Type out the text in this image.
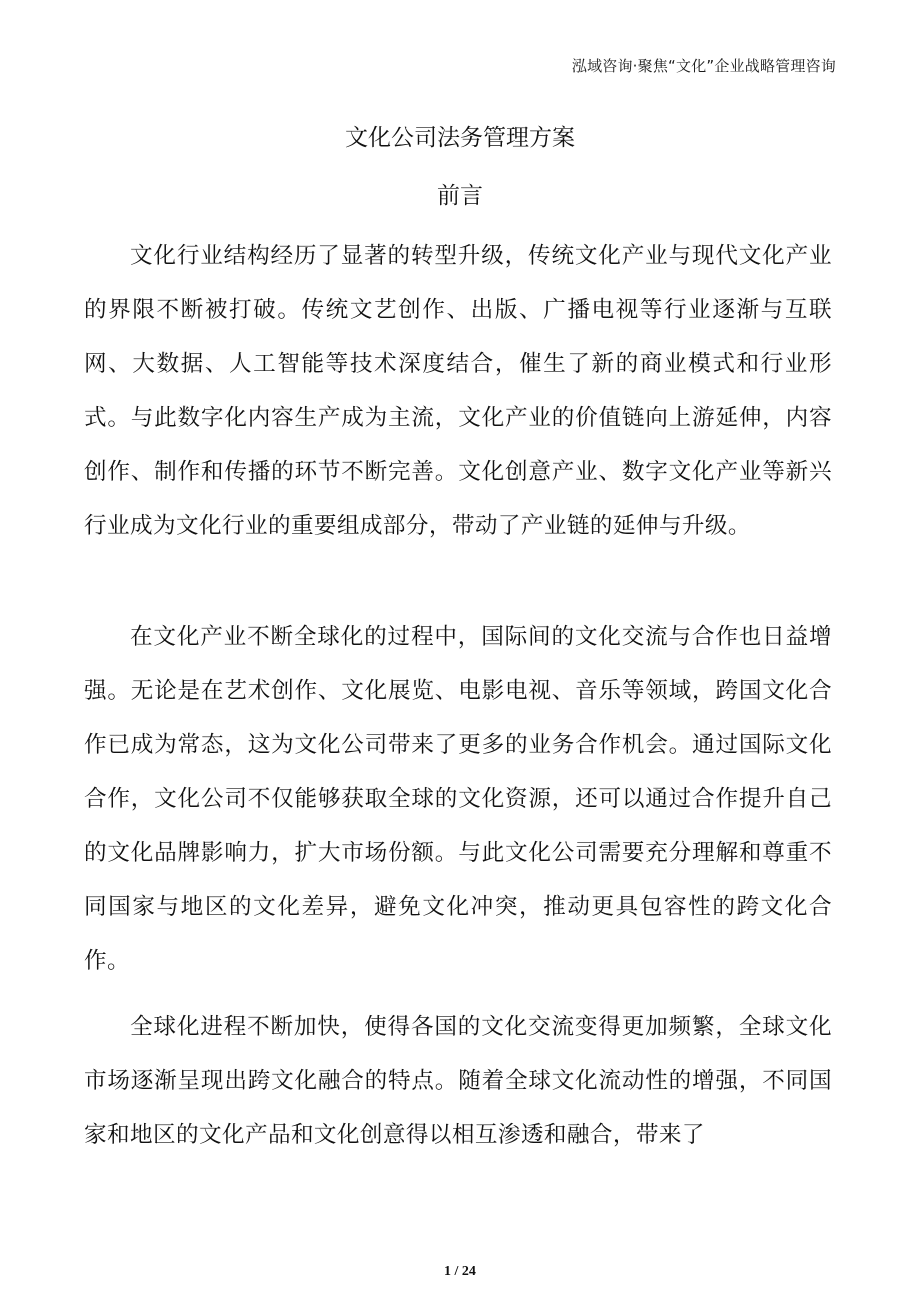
泓域咨询·聚焦“文化”企业战略管理咨询
文化公司法务管理方案
前言

文化行业结构经历了显著的转型升级，传统文化产业与现代文化产业的界限不断被打破。传统文艺创作、出版、广播电视等行业逐渐与互联网、大数据、人工智能等技术深度结合，催生了新的商业模式和行业形式。与此数字化内容生产成为主流，文化产业的价值链向上游延伸，内容创作、制作和传播的环节不断完善。文化创意产业、数字文化产业等新兴行业成为文化行业的重要组成部分，带动了产业链的延伸与升级。

在文化产业不断全球化的过程中，国际间的文化交流与合作也日益增强。无论是在艺术创作、文化展览、电影电视、音乐等领域，跨国文化合作已成为常态，这为文化公司带来了更多的业务合作机会。通过国际文化合作，文化公司不仅能够获取全球的文化资源，还可以通过合作提升自己的文化品牌影响力，扩大市场份额。与此文化公司需要充分理解和尊重不同国家与地区的文化差异，避免文化冲突，推动更具包容性的跨文化合作。

全球化进程不断加快，使得各国的文化交流变得更加频繁，全球文化市场逐渐呈现出跨文化融合的特点。随着全球文化流动性的增强，不同国家和地区的文化产品和文化创意得以相互渗透和融合，带来了

1 / 24
